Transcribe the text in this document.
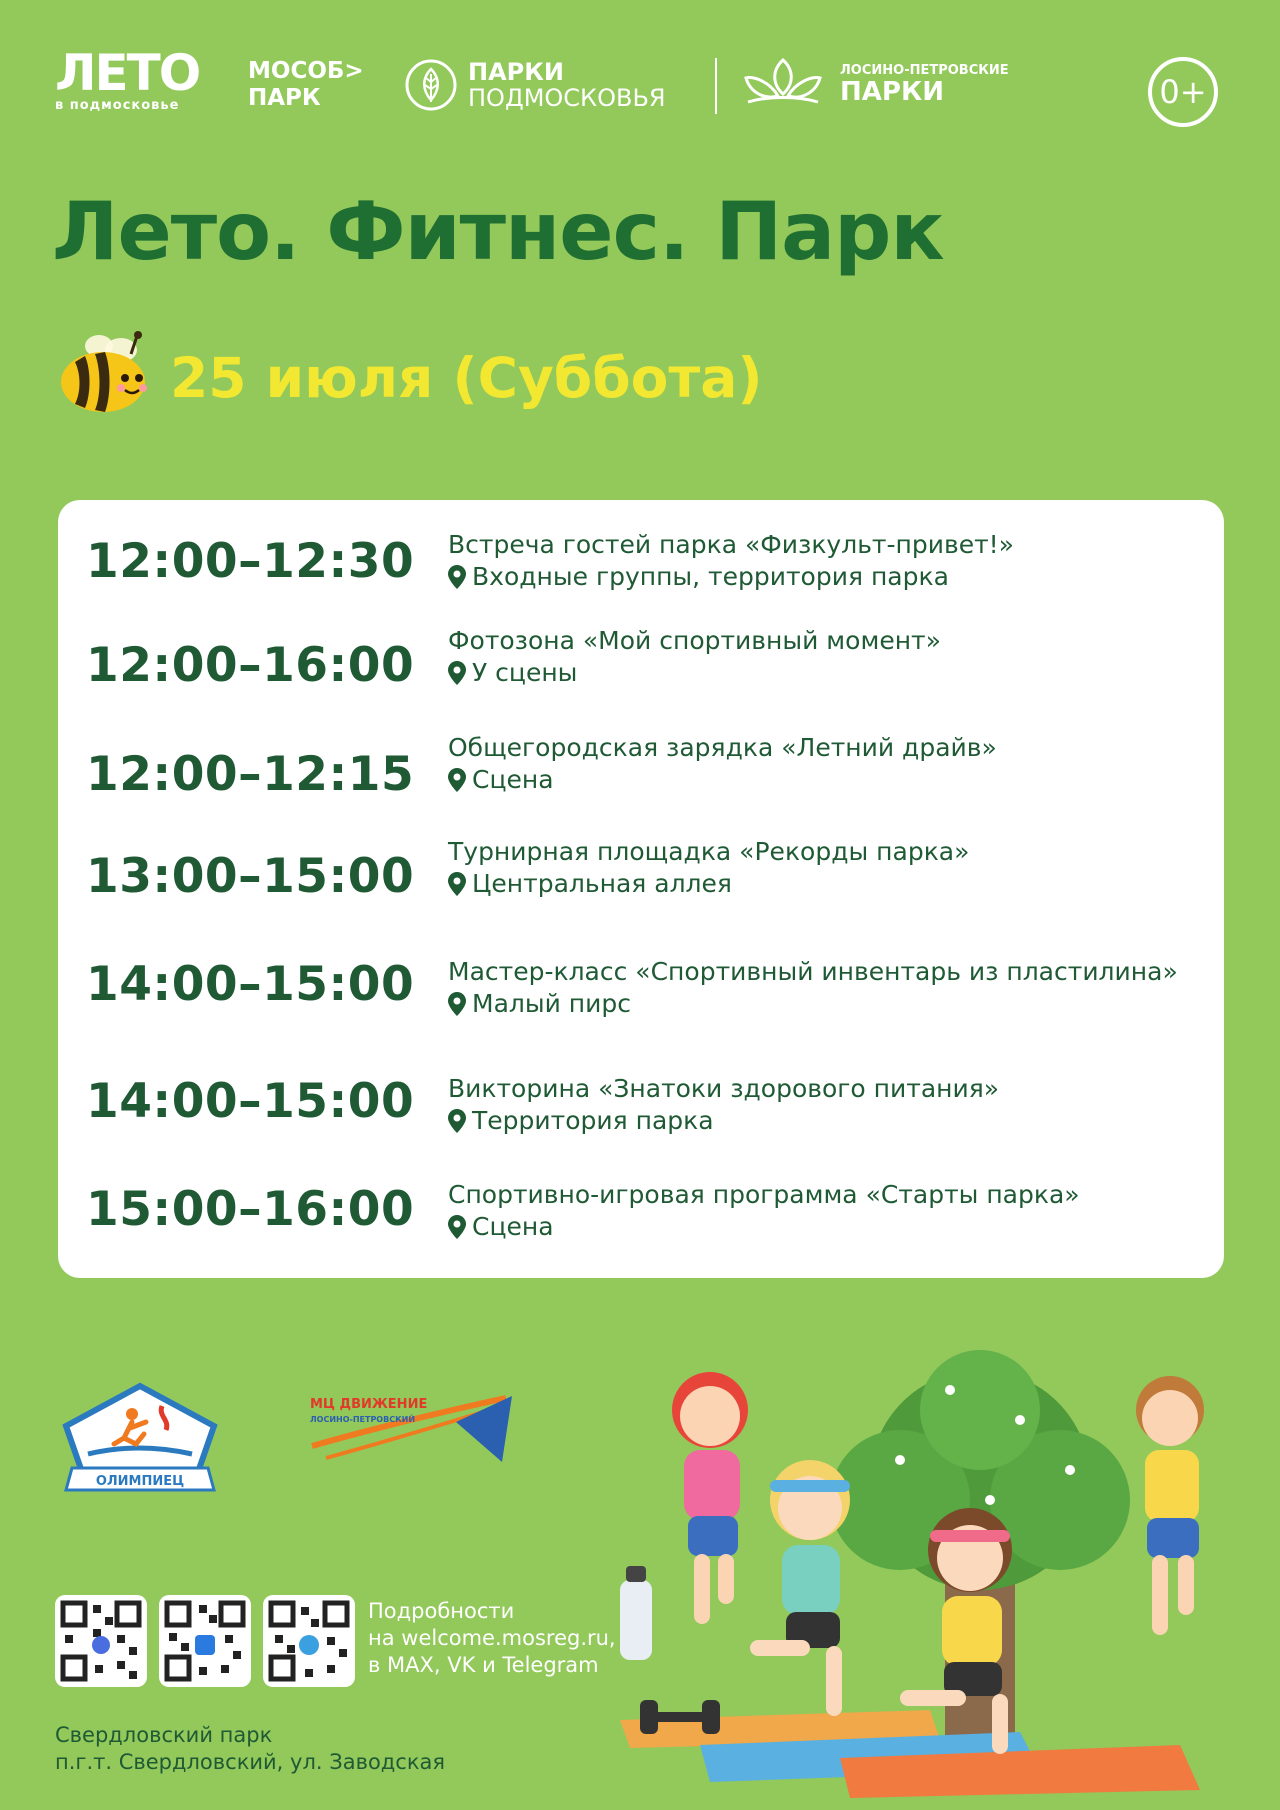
ЛЕТО
в подмосковье
МОСОБ>
ПАРК
ПАРКИ
ПОДМОСКОВЬЯ
ЛОСИНО-ПЕТРОВСКИЕ
ПАРКИ	0+
Лето. Фитнес. Парк
25 июля (Суббота)
12:00–12:30 Встреча гостей парка «Физкульт-привет!»
Входные группы, территория парка
12:00–16:00 Фотозона «Мой спортивный момент»
У сцены
12:00–12:15 Общегородская зарядка «Летний драйв»
Сцена
13:00–15:00 Турнирная площадка «Рекорды парка»
Центральная аллея
14:00–15:00 Мастер-класс «Спортивный инвентарь из пластилина»
Малый пирс
14:00–15:00 Викторина «Знатоки здорового питания»
Территория парка
15:00–16:00 Спортивно-игровая программа «Старты парка»
Сцена
ОЛИМПИЕЦ
МЦ ДВИЖЕНИЕ
ЛОСИНО-ПЕТРОВСКИЙ
Подробности
на welcome.mosreg.ru,
в MAX, VK и Telegram
Свердловский парк
п.г.т. Свердловский, ул. Заводская
